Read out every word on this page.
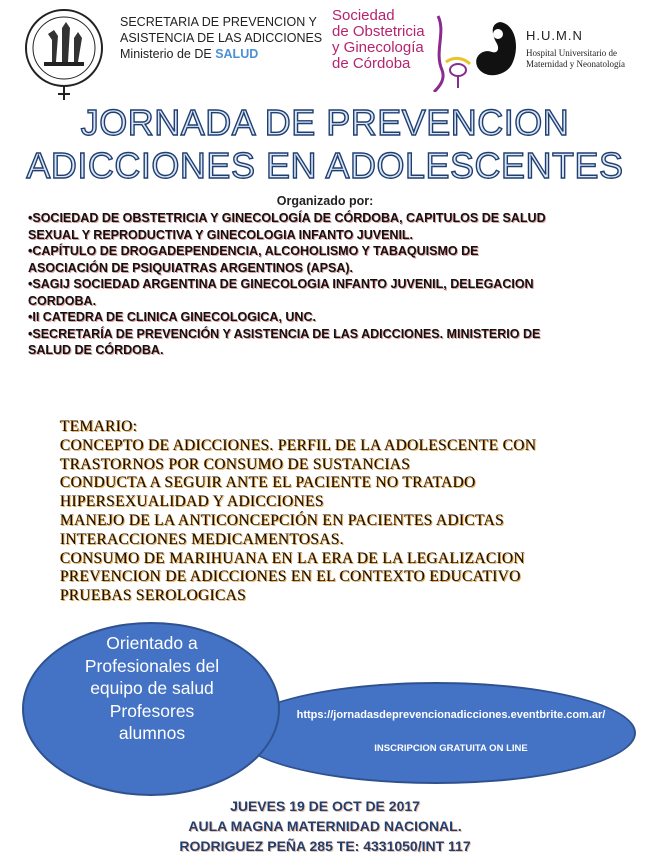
SECRETARIA DE PREVENCION Y
ASISTENCIA DE LAS ADICCIONES
Ministerio de DE SALUD
Sociedad
de Obstetricia
y Ginecología
de Córdoba
H.U.M.N
Hospital Universitario de
Maternidad y Neonatología
JORNADA DE PREVENCION
ADICCIONES EN ADOLESCENTES
Organizado por:
•SOCIEDAD DE OBSTETRICIA Y GINECOLOGÍA DE CÓRDOBA, CAPITULOS DE SALUD
SEXUAL Y REPRODUCTIVA Y GINECOLOGIA INFANTO JUVENIL.
•CAPÍTULO DE DROGADEPENDENCIA, ALCOHOLISMO Y TABAQUISMO DE
ASOCIACIÓN DE PSIQUIATRAS ARGENTINOS (APSA).
•SAGIJ SOCIEDAD ARGENTINA DE GINECOLOGIA INFANTO JUVENIL, DELEGACION
CORDOBA.
•II CATEDRA DE CLINICA GINECOLOGICA, UNC.
•SECRETARÍA DE PREVENCIÓN Y ASISTENCIA DE LAS ADICCIONES. MINISTERIO DE
SALUD DE CÓRDOBA.
TEMARIO:
CONCEPTO DE ADICCIONES. PERFIL DE LA ADOLESCENTE CON
TRASTORNOS POR CONSUMO DE SUSTANCIAS
CONDUCTA A SEGUIR ANTE EL PACIENTE NO TRATADO
HIPERSEXUALIDAD Y ADICCIONES
MANEJO DE LA ANTICONCEPCIÓN EN PACIENTES ADICTAS
INTERACCIONES MEDICAMENTOSAS.
CONSUMO DE MARIHUANA EN LA ERA DE LA LEGALIZACION
PREVENCION DE ADICCIONES EN EL CONTEXTO EDUCATIVO
PRUEBAS SEROLOGICAS
https://jornadasdeprevencionadicciones.eventbrite.com.ar/
INSCRIPCION GRATUITA ON LINE
Orientado a
Profesionales del
equipo de salud
Profesores
alumnos
JUEVES 19 DE OCT DE 2017
AULA MAGNA MATERNIDAD NACIONAL.
RODRIGUEZ PEÑA 285 TE: 4331050/INT 117
